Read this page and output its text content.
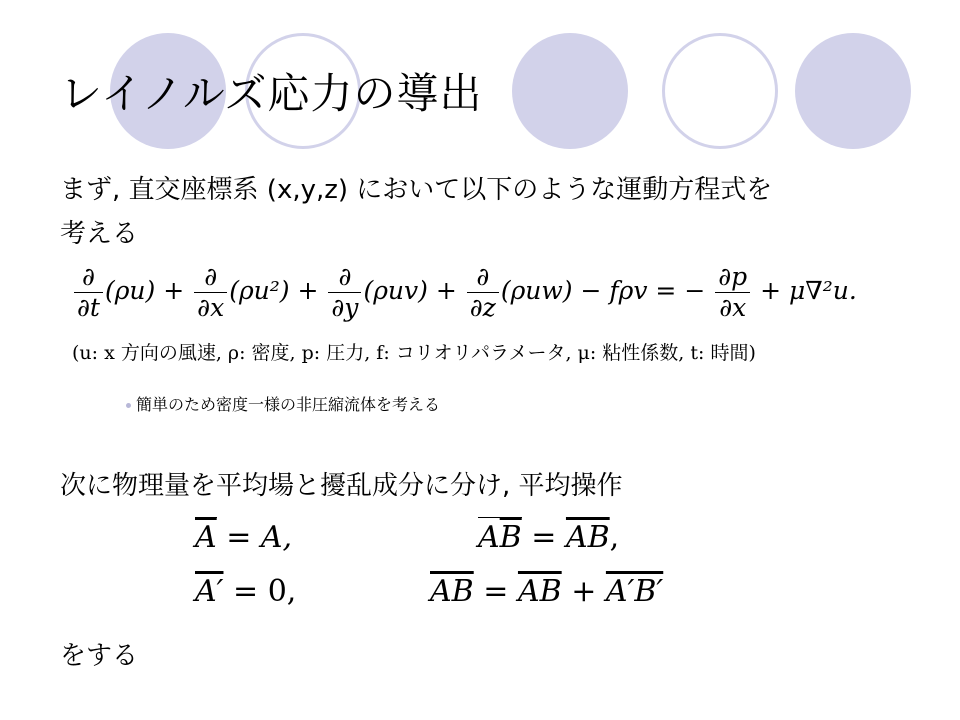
レイノルズ応力の導出
まず, 直交座標系 (x,y,z) において以下のような運動方程式を
考える
$\frac{\partial}{\partial t} (\rho u) + \frac{\partial}{\partial x} (\rho u^2) + \frac{\partial}{\partial y} (\rho uv) + \frac{\partial}{\partial z} (\rho uw) - f\rho v$ = − $\frac{\partial p}{\partial x} + \mu\nabla^2u$.
(u: x 方向の風速, ρ: 密度, p: 圧力, f: コリオリパラメータ, μ: 粘性係数, t: 時間)
簡単のため密度一様の非圧縮流体を考える
次に物理量を平均場と擾乱成分に分け, 平均操作
$\overline{A} = A$,
A′ = 0,
$A\overline{B} = \overline{AB}$,
$\overline{AB} = \overline{AB} + A'B'$
をする
